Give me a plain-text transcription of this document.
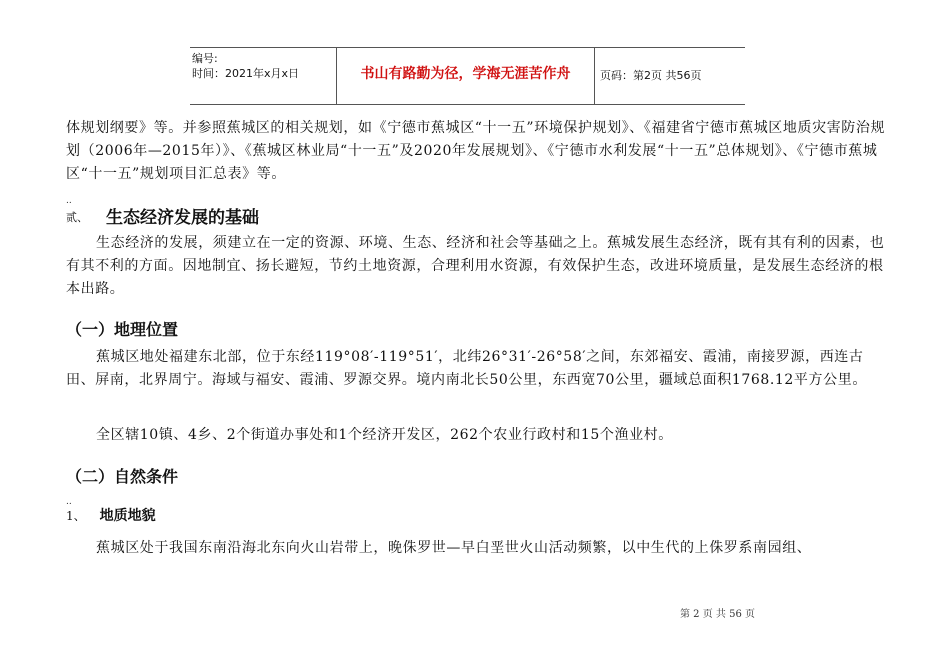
编号:
时间：2021年x月x日	书山有路勤为径，学海无涯苦作舟	页码：第2页 共56页

体规划纲要》等。并参照蕉城区的相关规划，如《宁德市蕉城区“十一五”环境保护规划》、《福建省宁德市蕉城区地质灾害防治规划（2006年—2015年）》、《蕉城区林业局“十一五”及2020年发展规划》、《宁德市水利发展“十一五”总体规划》、《宁德市蕉城区“十一五”规划项目汇总表》等。

..
贰、 生态经济发展的基础

生态经济的发展，须建立在一定的资源、环境、生态、经济和社会等基础之上。蕉城发展生态经济，既有其有利的因素，也有其不利的方面。因地制宜、扬长避短，节约土地资源，合理利用水资源，有效保护生态，改进环境质量，是发展生态经济的根本出路。

（一）地理位置

蕉城区地处福建东北部，位于东经119°08′-119°51′，北纬26°31′-26°58′之间，东郊福安、霞浦，南接罗源，西连古田、屏南，北界周宁。海域与福安、霞浦、罗源交界。境内南北长50公里，东西宽70公里，疆域总面积1768.12平方公里。

全区辖10镇、4乡、2个街道办事处和1个经济开发区，262个农业行政村和15个渔业村。

（二）自然条件
..
1、 地质地貌

蕉城区处于我国东南沿海北东向火山岩带上，晚侏罗世—早白垩世火山活动频繁，以中生代的上侏罗系南园组、

第 2 页 共 56 页
